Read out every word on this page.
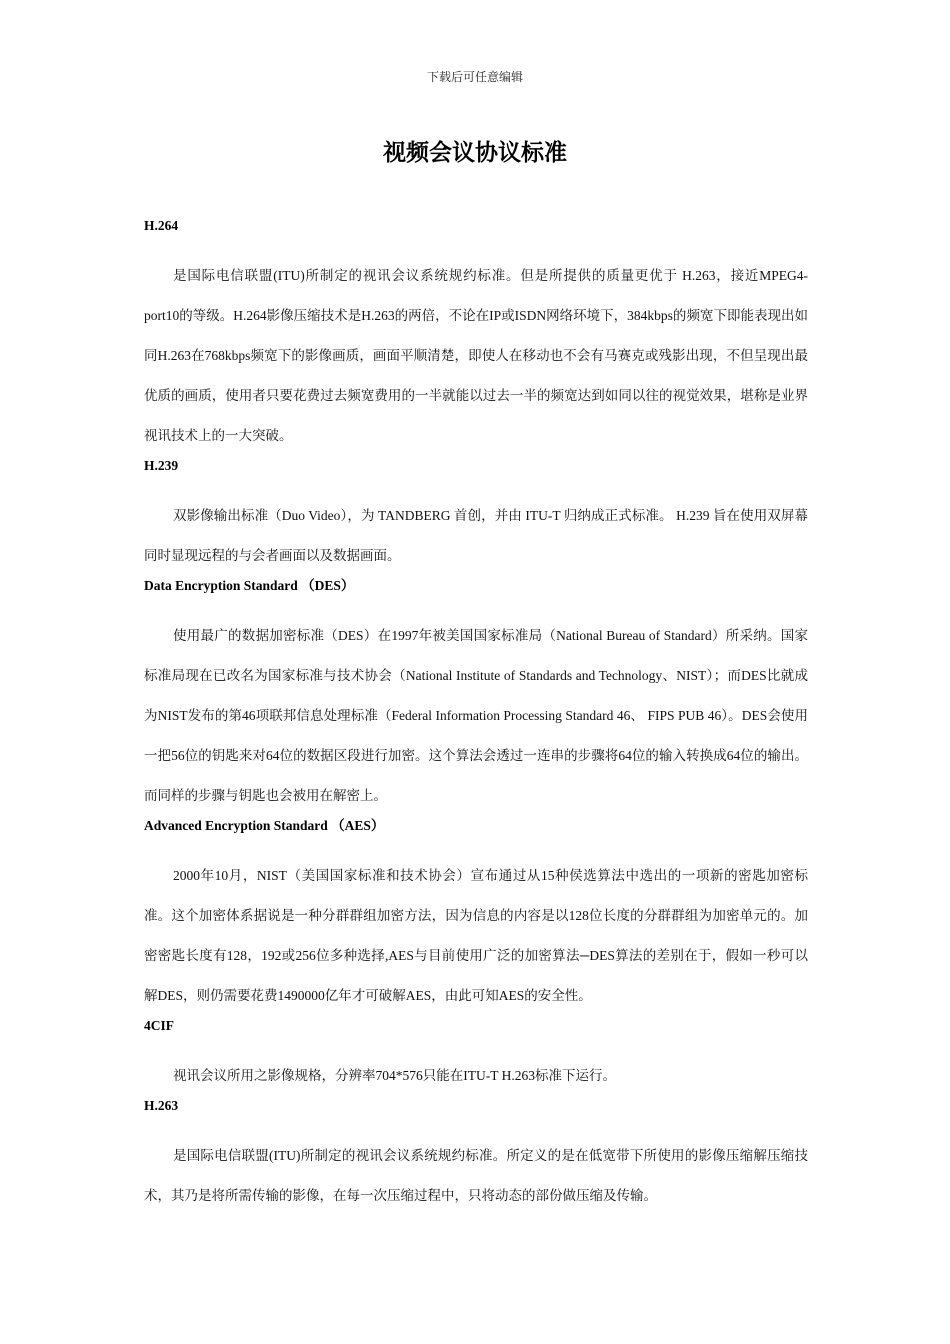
下载后可任意编辑
视频会议协议标准
H.264

是国际电信联盟(ITU)所制定的视讯会议系统规约标准。但是所提供的质量更优于 H.263，接近MPEG4-port10的等级。H.264影像压缩技术是H.263的两倍，不论在IP或ISDN网络环境下，384kbps的频宽下即能表现出如同H.263在768kbps频宽下的影像画质，画面平顺清楚，即使人在移动也不会有马赛克或残影出现，不但呈现出最优质的画质，使用者只要花费过去频宽费用的一半就能以过去一半的频宽达到如同以往的视觉效果，堪称是业界视讯技术上的一大突破。

H.239

双影像输出标准（Duo Video），为 TANDBERG 首创，并由 ITU-T 归纳成正式标准。 H.239 旨在使用双屏幕同时显现远程的与会者画面以及数据画面。

Data Encryption Standard （DES）

使用最广的数据加密标准（DES）在1997年被美国国家标准局（National Bureau of Standard）所采纳。国家标准局现在已改名为国家标准与技术协会（National Institute of Standards and Technology、NIST）；而DES比就成为NIST发布的第46项联邦信息处理标准（Federal Information Processing Standard 46、 FIPS PUB 46）。DES会使用一把56位的钥匙来对64位的数据区段进行加密。这个算法会透过一连串的步骤将64位的输入转换成64位的输出。而同样的步骤与钥匙也会被用在解密上。

Advanced Encryption Standard （AES）

2000年10月，NIST（美国国家标准和技术协会）宣布通过从15种侯选算法中选出的一项新的密匙加密标准。这个加密体系据说是一种分群群组加密方法，因为信息的内容是以128位长度的分群群组为加密单元的。加密密匙长度有128，192或256位多种选择,AES与目前使用广泛的加密算法─DES算法的差别在于，假如一秒可以解DES，则仍需要花费1490000亿年才可破解AES，由此可知AES的安全性。

4CIF

视讯会议所用之影像规格，分辨率704*576只能在ITU-T H.263标准下运行。

H.263

是国际电信联盟(ITU)所制定的视讯会议系统规约标准。所定义的是在低宽带下所使用的影像压缩解压缩技术，其乃是将所需传输的影像，在每一次压缩过程中，只将动态的部份做压缩及传输。
